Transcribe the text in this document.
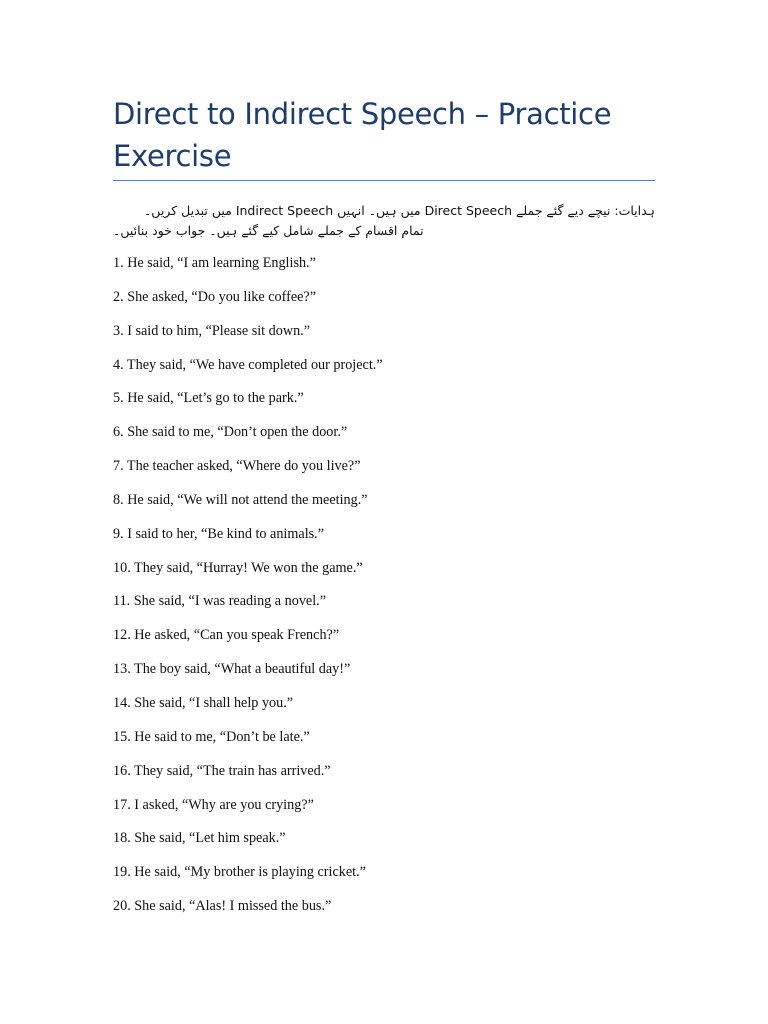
Direct to Indirect Speech – Practice Exercise

ہدایات: نیچے دیے گئے جملے Direct Speech میں ہیں۔ انہیں Indirect Speech میں تبدیل کریں۔
تمام اقسام کے جملے شامل کیے گئے ہیں۔ جواب خود بنائیں۔

1. He said, “I am learning English.”
2. She asked, “Do you like coffee?”
3. I said to him, “Please sit down.”
4. They said, “We have completed our project.”
5. He said, “Let’s go to the park.”
6. She said to me, “Don’t open the door.”
7. The teacher asked, “Where do you live?”
8. He said, “We will not attend the meeting.”
9. I said to her, “Be kind to animals.”
10. They said, “Hurray! We won the game.”
11. She said, “I was reading a novel.”
12. He asked, “Can you speak French?”
13. The boy said, “What a beautiful day!”
14. She said, “I shall help you.”
15. He said to me, “Don’t be late.”
16. They said, “The train has arrived.”
17. I asked, “Why are you crying?”
18. She said, “Let him speak.”
19. He said, “My brother is playing cricket.”
20. She said, “Alas! I missed the bus.”
